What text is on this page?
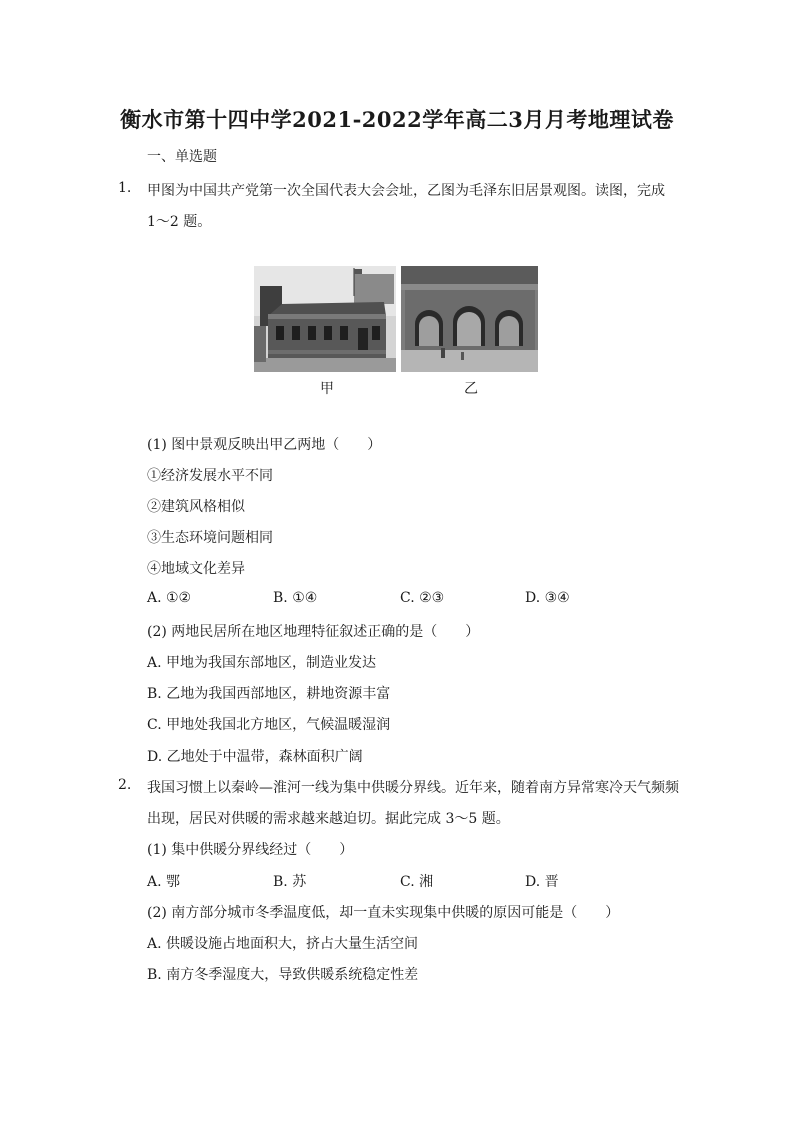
衡水市第十四中学2021-2022学年高二3月月考地理试卷
一、单选题
1. 甲图为中国共产党第一次全国代表大会会址，乙图为毛泽东旧居景观图。读图，完成
1～2 题。
甲	乙
(1) 图中景观反映出甲乙两地（　　）
①经济发展水平不同
②建筑风格相似
③生态环境问题相同
④地域文化差异
A. ①②	B. ①④	C. ②③	D. ③④
(2) 两地民居所在地区地理特征叙述正确的是（　　）
A. 甲地为我国东部地区，制造业发达
B. 乙地为我国西部地区，耕地资源丰富
C. 甲地处我国北方地区，气候温暖湿润
D. 乙地处于中温带，森林面积广阔
2. 我国习惯上以秦岭—淮河一线为集中供暖分界线。近年来，随着南方异常寒冷天气频频
出现，居民对供暖的需求越来越迫切。据此完成 3～5 题。
(1) 集中供暖分界线经过（　　）
A. 鄂	B. 苏	C. 湘	D. 晋
(2) 南方部分城市冬季温度低，却一直未实现集中供暖的原因可能是（　　）
A. 供暖设施占地面积大，挤占大量生活空间
B. 南方冬季湿度大，导致供暖系统稳定性差
